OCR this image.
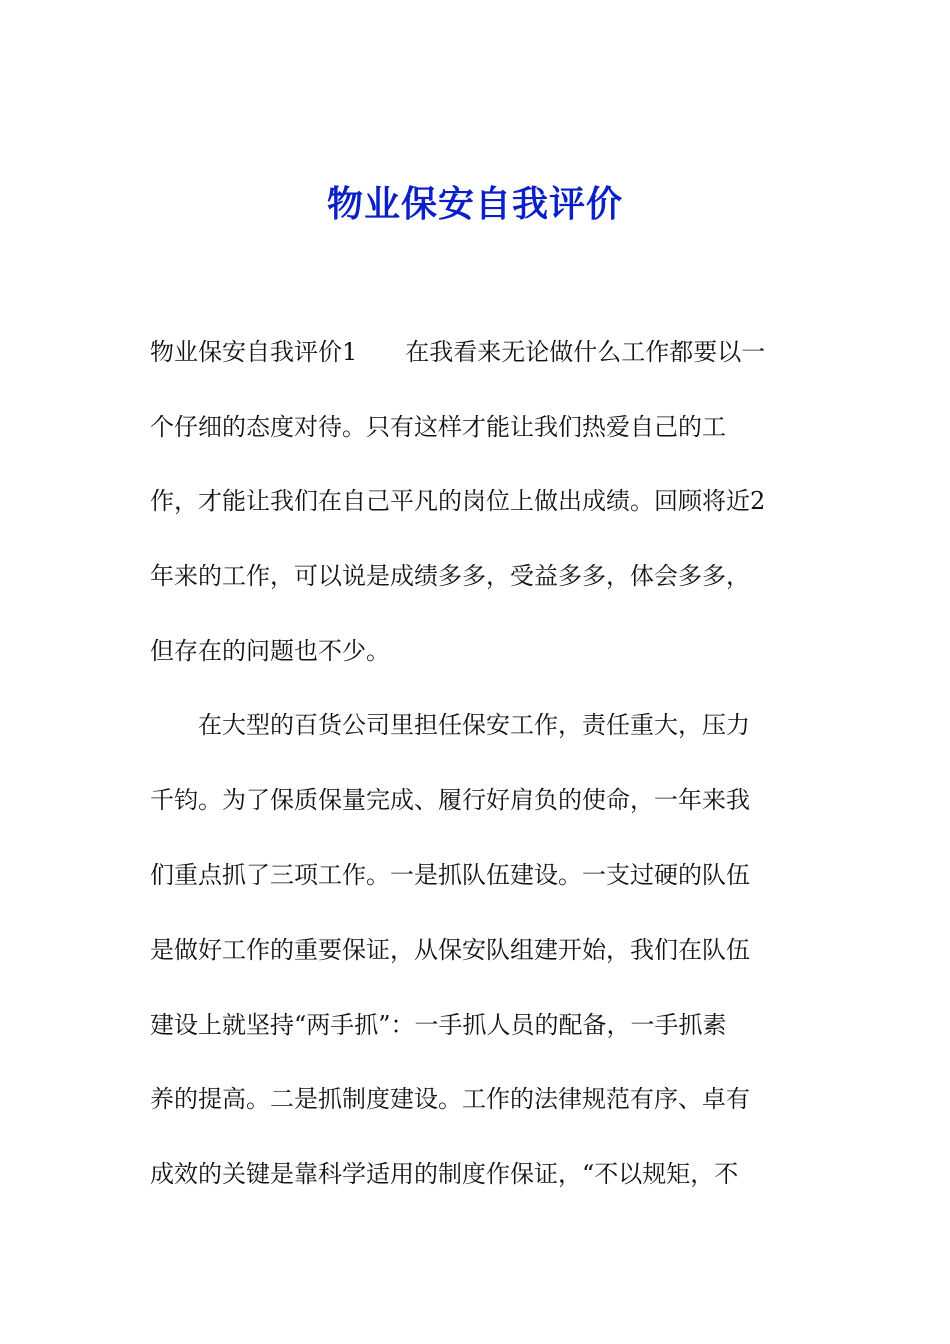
物业保安自我评价
物业保安自我评价1　　在我看来无论做什么工作都要以一
个仔细的态度对待。只有这样才能让我们热爱自己的工
作，才能让我们在自己平凡的岗位上做出成绩。回顾将近2
年来的工作，可以说是成绩多多，受益多多，体会多多，
但存在的问题也不少。
　　在大型的百货公司里担任保安工作，责任重大，压力
千钧。为了保质保量完成、履行好肩负的使命，一年来我
们重点抓了三项工作。一是抓队伍建设。一支过硬的队伍
是做好工作的重要保证，从保安队组建开始，我们在队伍
建设上就坚持“两手抓”：一手抓人员的配备，一手抓素
养的提高。二是抓制度建设。工作的法律规范有序、卓有
成效的关键是靠科学适用的制度作保证，“不以规矩，不
